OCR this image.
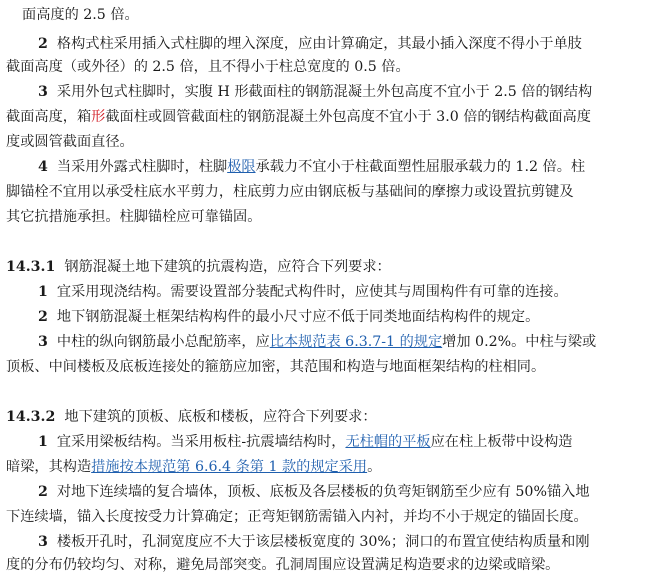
面高度的 2.5 倍。
2  格构式柱采用插入式柱脚的埋入深度，应由计算确定，其最小插入深度不得小于单肢
截面高度（或外径）的 2.5 倍，且不得小于柱总宽度的 0.5 倍。
3  采用外包式柱脚时，实腹 H 形截面柱的钢筋混凝土外包高度不宜小于 2.5 倍的钢结构
截面高度，箱形截面柱或圆管截面柱的钢筋混凝土外包高度不宜小于 3.0 倍的钢结构截面高度
度或圆管截面直径。
4  当采用外露式柱脚时，柱脚极限承载力不宜小于柱截面塑性屈服承载力的 1.2 倍。柱
脚锚栓不宜用以承受柱底水平剪力，柱底剪力应由钢底板与基础间的摩擦力或设置抗剪键及
其它抗措施承担。柱脚锚栓应可靠锚固。
14.3.1  钢筋混凝土地下建筑的抗震构造，应符合下列要求：
1  宜采用现浇结构。需要设置部分装配式构件时，应使其与周围构件有可靠的连接。
2  地下钢筋混凝土框架结构构件的最小尺寸应不低于同类地面结构构件的规定。
3  中柱的纵向钢筋最小总配筋率，应比本规范表 6.3.7-1 的规定增加 0.2%。中柱与梁或
顶板、中间楼板及底板连接处的箍筋应加密，其范围和构造与地面框架结构的柱相同。
14.3.2  地下建筑的顶板、底板和楼板，应符合下列要求：
1  宜采用梁板结构。当采用板柱-抗震墙结构时，无柱帽的平板应在柱上板带中设构造
暗梁，其构造措施按本规范第 6.6.4 条第 1 款的规定采用。
2  对地下连续墙的复合墙体，顶板、底板及各层楼板的负弯矩钢筋至少应有 50%锚入地
下连续墙，锚入长度按受力计算确定；正弯矩钢筋需锚入内衬，并均不小于规定的锚固长度。
3  楼板开孔时，孔洞宽度应不大于该层楼板宽度的 30%；洞口的布置宜使结构质量和刚
度的分布仍较均匀、对称，避免局部突变。孔洞周围应设置满足构造要求的边梁或暗梁。
